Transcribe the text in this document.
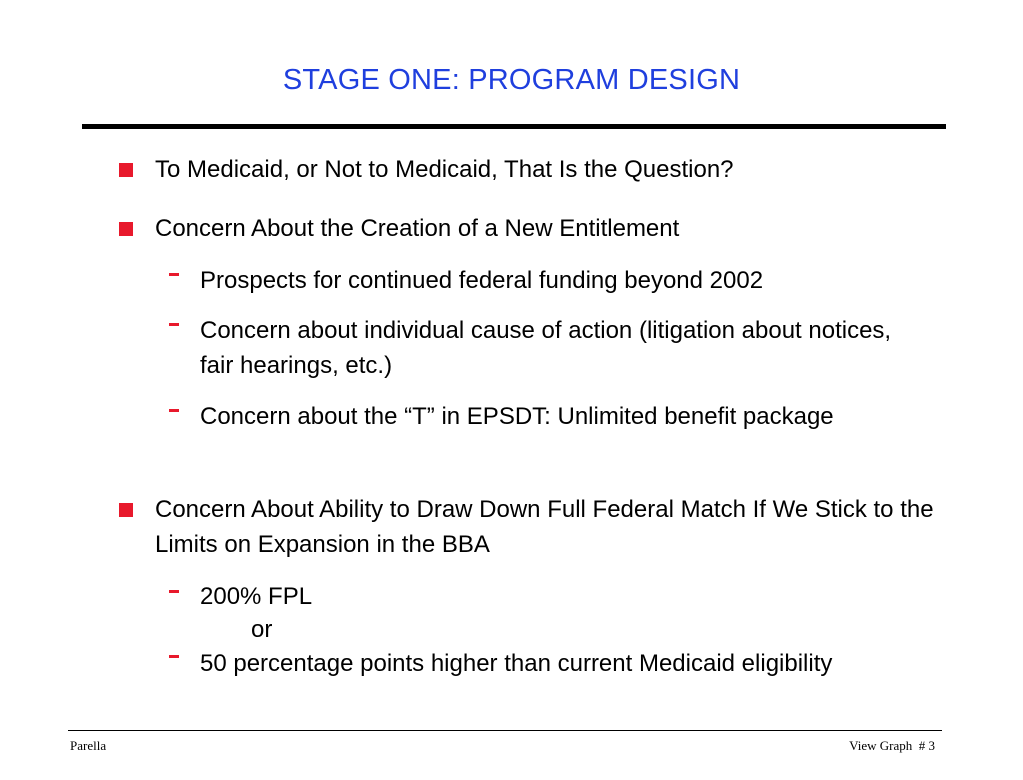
STAGE ONE: PROGRAM DESIGN
To Medicaid, or Not to Medicaid, That Is the Question?
Concern About the Creation of a New Entitlement
Prospects for continued federal funding beyond 2002
Concern about individual cause of action (litigation about notices, fair hearings, etc.)
Concern about the “T” in EPSDT: Unlimited benefit package
Concern About Ability to Draw Down Full Federal Match If We Stick to the Limits on Expansion in the BBA
200% FPL
or
50 percentage points higher than current Medicaid eligibility
Parella	View Graph  # 3
